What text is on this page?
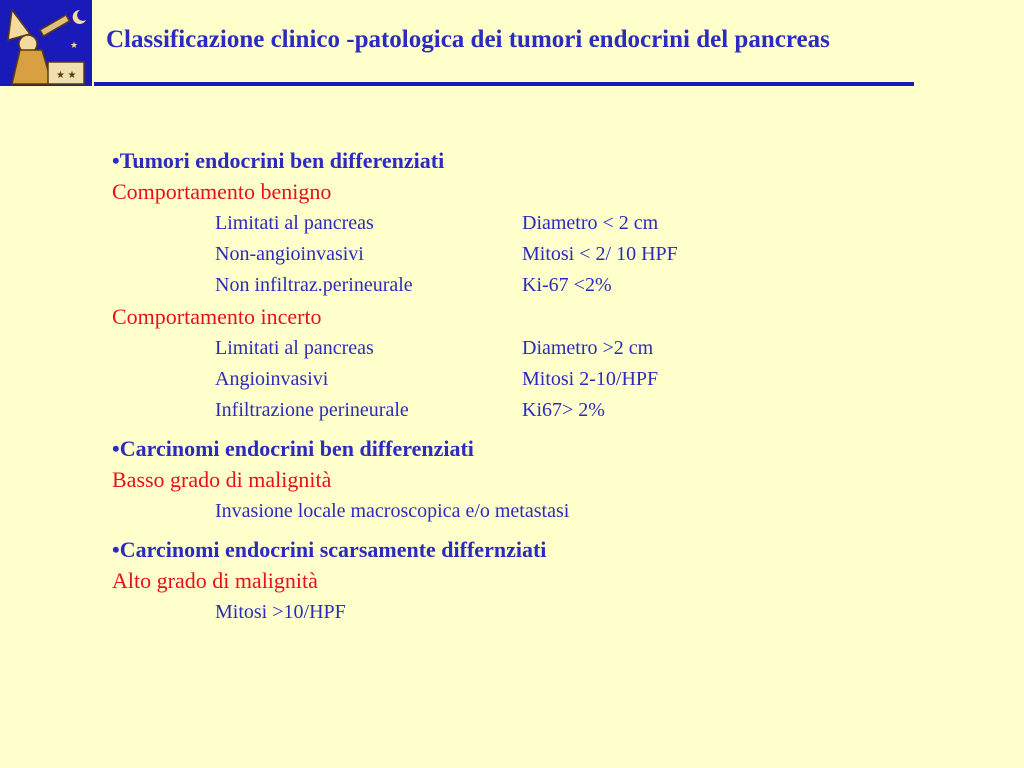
★ ★
★ Classificazione clinico -patologica dei tumori endocrini del pancreas
•Tumori endocrini ben differenziati
Comportamento benigno
Limitati al pancreas	Diametro < 2 cm
Non-angioinvasivi	Mitosi < 2/ 10 HPF
Non infiltraz.perineurale	Ki-67 <2%
Comportamento incerto
Limitati al pancreas	Diametro >2 cm
Angioinvasivi	Mitosi 2-10/HPF
Infiltrazione perineurale	Ki67> 2%
•Carcinomi endocrini ben differenziati
Basso grado di malignità
Invasione locale macroscopica e/o metastasi
•Carcinomi endocrini scarsamente differnziati
Alto grado di malignità
Mitosi >10/HPF
